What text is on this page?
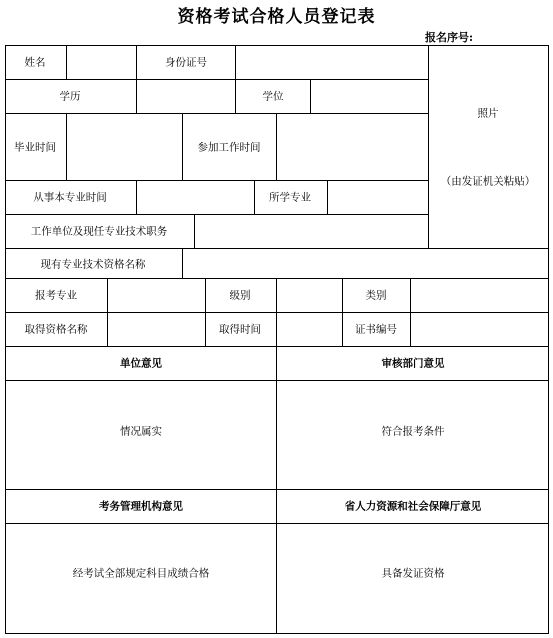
资格考试合格人员登记表
报名序号:
姓名	身份证号
学历	学位
毕业时间	参加工作时间
从事本专业时间	所学专业
工作单位及现任专业技术职务
照片
（由发证机关粘贴）
现有专业技术资格名称
报考专业	级别	类别
取得资格名称	取得时间	证书编号
单位意见	审核部门意见
情况属实	符合报考条件
考务管理机构意见	省人力资源和社会保障厅意见
经考试全部规定科目成绩合格	具备发证资格
